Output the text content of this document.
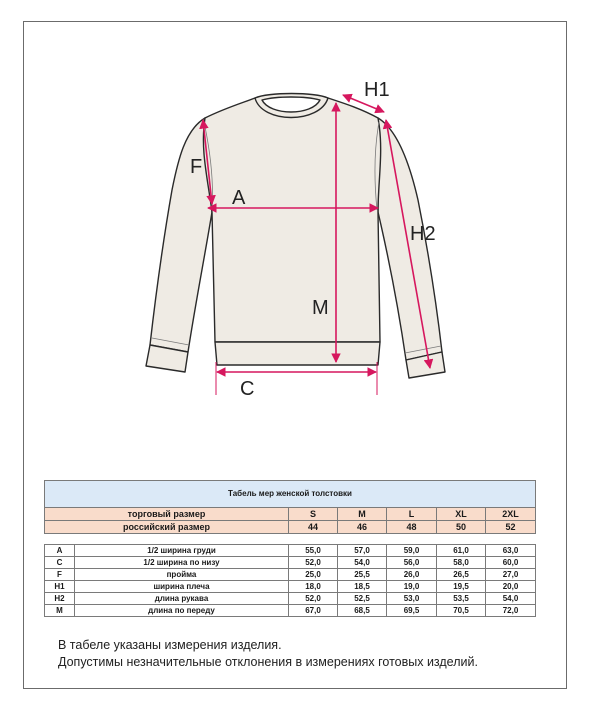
A
C
F
H1
H2
M
Табель мер женской толстовки						
торговый размер		S	M	L	XL	2XL
российский размер		44	46	48	50	52

A	1/2 ширина груди	55,0	57,0	59,0	61,0	63,0
C	1/2 ширина по низу	52,0	54,0	56,0	58,0	60,0
F	пройма	25,0	25,5	26,0	26,5	27,0
H1	ширина плеча	18,0	18,5	19,0	19,5	20,0
H2	длина рукава	52,0	52,5	53,0	53,5	54,0
M	длина по переду	67,0	68,5	69,5	70,5	72,0
В табеле указаны измерения изделия.
Допустимы незначительные отклонения в измерениях готовых изделий.
